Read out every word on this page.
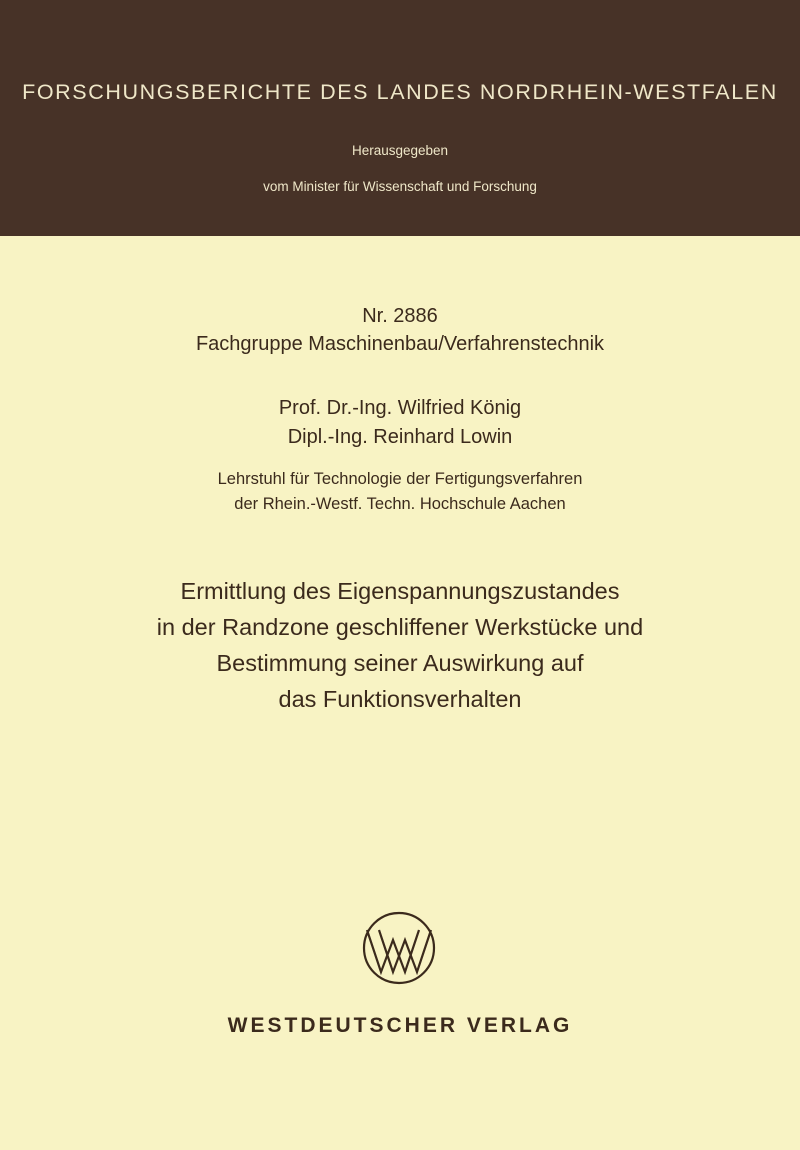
FORSCHUNGSBERICHTE DES LANDES NORDRHEIN-WESTFALEN
Herausgegeben
vom Minister für Wissenschaft und Forschung
Nr. 2886
Fachgruppe Maschinenbau/Verfahrenstechnik
Prof. Dr.-Ing. Wilfried König
Dipl.-Ing. Reinhard Lowin
Lehrstuhl für Technologie der Fertigungsverfahren
der Rhein.-Westf. Techn. Hochschule Aachen
Ermittlung des Eigenspannungszustandes
in der Randzone geschliffener Werkstücke und
Bestimmung seiner Auswirkung auf
das Funktionsverhalten
WESTDEUTSCHER VERLAG
